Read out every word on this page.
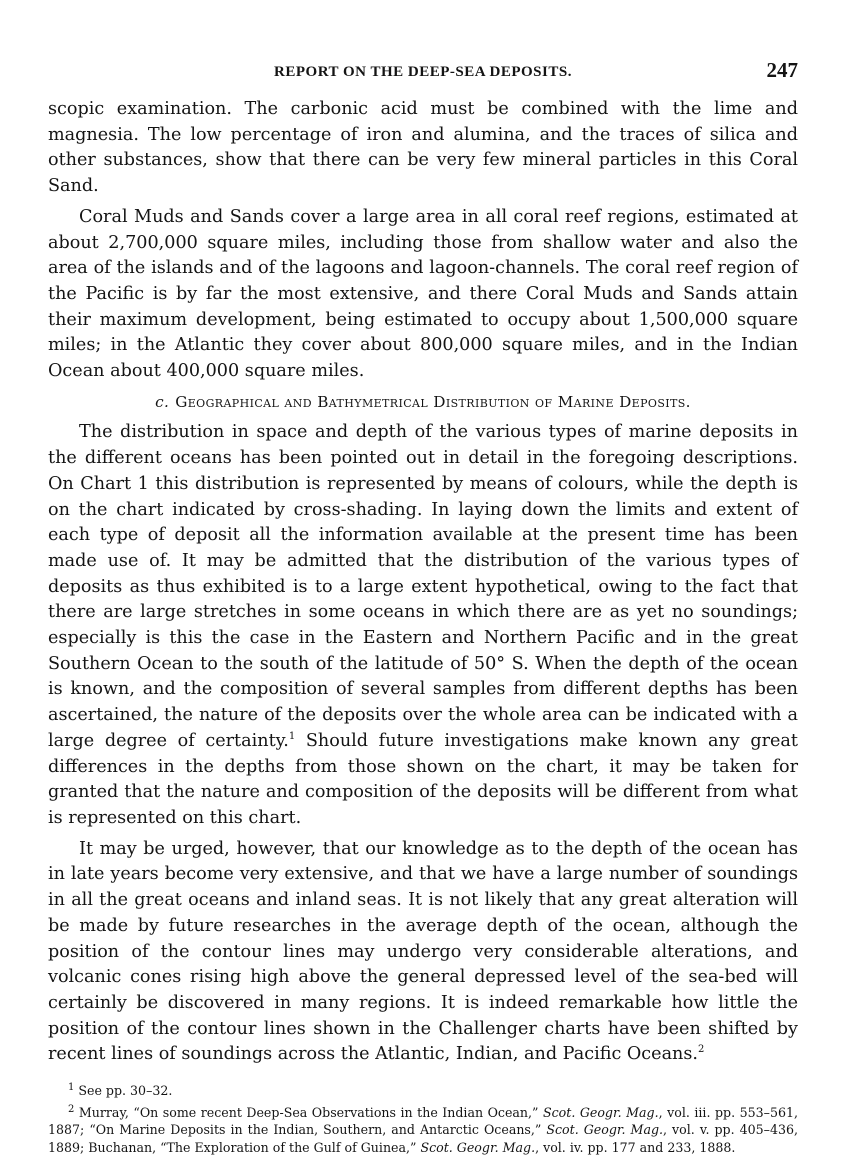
REPORT ON THE DEEP-SEA DEPOSITS.	247

scopic examination. The carbonic acid must be combined with the lime and magnesia. The low percentage of iron and alumina, and the traces of silica and other substances, show that there can be very few mineral particles in this Coral Sand.

Coral Muds and Sands cover a large area in all coral reef regions, estimated at about 2,700,000 square miles, including those from shallow water and also the area of the islands and of the lagoons and lagoon-channels. The coral reef region of the Pacific is by far the most extensive, and there Coral Muds and Sands attain their maximum development, being estimated to occupy about 1,500,000 square miles; in the Atlantic they cover about 800,000 square miles, and in the Indian Ocean about 400,000 square miles.

c. Geographical and Bathymetrical Distribution of Marine Deposits.

The distribution in space and depth of the various types of marine deposits in the different oceans has been pointed out in detail in the foregoing descriptions. On Chart 1 this distribution is represented by means of colours, while the depth is on the chart indicated by cross-shading. In laying down the limits and extent of each type of deposit all the information available at the present time has been made use of. It may be admitted that the distribution of the various types of deposits as thus exhibited is to a large extent hypothetical, owing to the fact that there are large stretches in some oceans in which there are as yet no soundings; especially is this the case in the Eastern and Northern Pacific and in the great Southern Ocean to the south of the latitude of 50° S. When the depth of the ocean is known, and the composition of several samples from different depths has been ascertained, the nature of the deposits over the whole area can be indicated with a large degree of certainty.$^1$ Should future investigations make known any great differences in the depths from those shown on the chart, it may be taken for granted that the nature and composition of the deposits will be different from what is represented on this chart.

It may be urged, however, that our knowledge as to the depth of the ocean has in late years become very extensive, and that we have a large number of soundings in all the great oceans and inland seas. It is not likely that any great alteration will be made by future researches in the average depth of the ocean, although the position of the contour lines may undergo very considerable alterations, and volcanic cones rising high above the general depressed level of the sea-bed will certainly be discovered in many regions. It is indeed remarkable how little the position of the contour lines shown in the Challenger charts have been shifted by recent lines of soundings across the Atlantic, Indian, and Pacific Oceans.$^2$

$^1$ See pp. 30–32.

$^2$ Murray, “On some recent Deep-Sea Observations in the Indian Ocean,” Scot. Geogr. Mag., vol. iii. pp. 553–561, 1887; “On Marine Deposits in the Indian, Southern, and Antarctic Oceans,” Scot. Geogr. Mag., vol. v. pp. 405–436, 1889; Buchanan, “The Exploration of the Gulf of Guinea,” Scot. Geogr. Mag., vol. iv. pp. 177 and 233, 1888.
